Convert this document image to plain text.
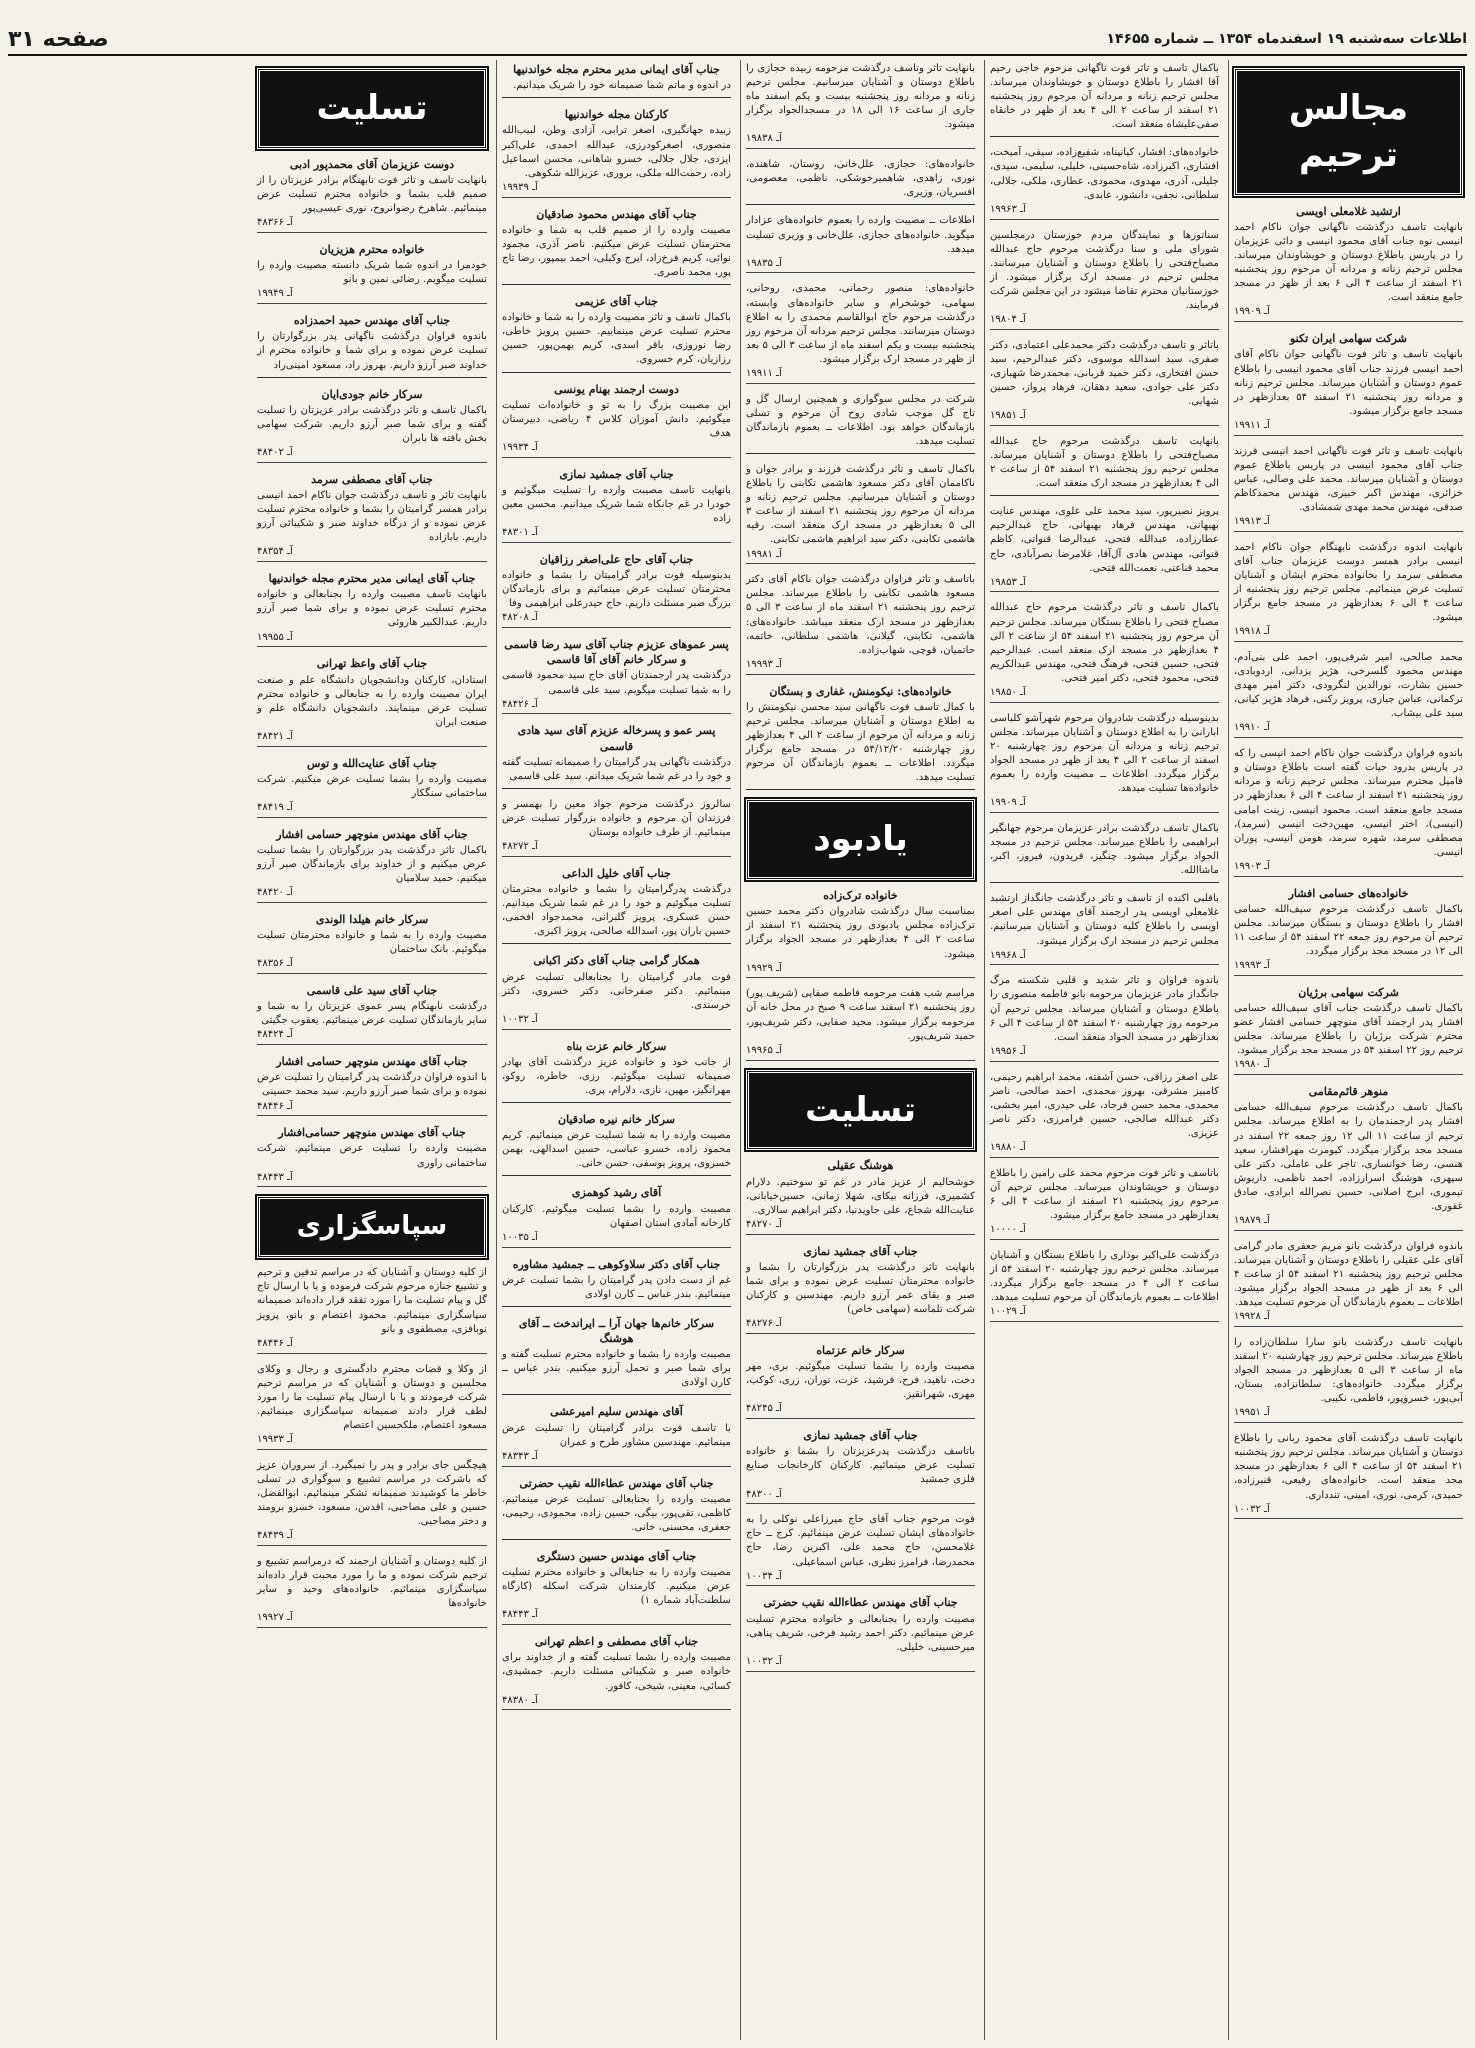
اطلاعات سه‌شنبه ۱۹ اسفندماه ۱۳۵۴ ــ شماره ۱۴۶۵۵
صفحه ۳۱
مجالس ترحیم
ارتشبد غلامعلی اویسی
بانهایت تاسف درگذشت ناگهانی جوان ناکام احمد انیسی نوه جناب آقای محمود انیسی و دائی عزیزمان را در پاریس باطلاع دوستان و خویشاوندان میرساند. مجلس ترحیم زنانه و مردانه آن مرحوم روز پنجشنبه ۲۱ اسفند از ساعت ۴ الی ۶ بعد از ظهر در مسجد جامع منعقد است.
آـ ۱۹۹۰۹
شرکت سهامی ایران تکنو
بانهایت تاسف و تاثر فوت ناگهانی جوان ناکام آقای احمد انیسی فرزند جناب آقای محمود انیسی را باطلاع عموم دوستان و آشنایان میرساند. مجلس ترحیم زنانه و مردانه روز پنجشنبه ۲۱ اسفند ۵۴ بعدازظهر در مسجد جامع برگزار میشود.
آـ ۱۹۹۱۱
بانهایت تاسف و تاثر فوت ناگهانی احمد انیسی فرزند جناب آقای محمود انیسی در پاریس باطلاع عموم دوستان و آشنایان میرساند. محمد علی وصالی، عباس خزائری، مهندس اکبر خبیری، مهندس محمدکاظم صدقی، مهندس محمد مهدی شمشادی.
آـ ۱۹۹۱۳
بانهایت اندوه درگذشت نابهنگام جوان ناکام احمد انیسی برادر همسر دوست عزیزمان جناب آقای مصطفی سرمد را بخانواده محترم ایشان و آشنایان تسلیت عرض مینمائیم. مجلس ترحیم روز پنجشنبه از ساعت ۴ الی ۶ بعدازظهر در مسجد جامع برگزار میشود.
آـ ۱۹۹۱۸
محمد صالحی، امیر شرفی‌پور، احمد علی بنی‌آدم، مهندس محمود گلسرخی، هژیر یزدانی، اردوبادی، حسین بشارت، نورالدین لنگرودی، دکتر امیر مهدی ترکمانی، عباس جباری، پرویز رکنی، فرهاد هژیر کیانی، سید علی بیشاب.
آـ ۱۹۹۱۰
باندوه فراوان درگذشت جوان ناکام احمد انیسی را که در پاریس بدرود حیات گفته است باطلاع دوستان و فامیل محترم میرساند. مجلس ترحیم زنانه و مردانه روز پنجشنبه ۲۱ اسفند از ساعت ۴ الی ۶ بعدازظهر در مسجد جامع منعقد است. محمود انیسی، زینت امامی (انیسی)، اختر انیسی، مهین‌دخت انیسی (سرمد)، مصطفی سرمد، شهره سرمد، هومن انیسی، پوران انیسی.
آـ ۱۹۹۰۳
خانواده‌های حسامی افشار
باکمال تاسف درگذشت مرحوم سیف‌الله حسامی افشار را باطلاع دوستان و بستگان میرساند. مجلس ترحیم آن مرحوم روز جمعه ۲۲ اسفند ۵۴ از ساعت ۱۱ الی ۱۲ در مسجد مجد برگزار میگردد.
آـ ۱۹۹۹۳
شرکت سهامی برژیان
باکمال تاسف درگذشت جناب آقای سیف‌الله حسامی افشار پدر ارجمند آقای منوچهر حسامی افشار عضو محترم شرکت برژیان را باطلاع میرساند. مجلس ترحیم روز ۲۲ اسفند ۵۴ در مسجد مجد برگزار میشود.
آـ ۱۹۹۸۰
منوهر قائم‌مقامی
باکمال تاسف درگذشت مرحوم سیف‌الله حسامی افشار پدر ارجمندمان را به اطلاع میرساند. مجلس ترحیم از ساعت ۱۱ الی ۱۲ روز جمعه ۲۲ اسفند در مسجد مجد برگزار میگردد. کیومرث مهرافشار، سعید هنسی، رضا خوانساری، تاجر علی عاملی، دکتر علی سپهری، هوشنگ اسرارزاده، احمد ناظمی، داریوش تیموری، ابرج اصلانی، حسین نصرالله ابرادی، صادق غفوری.
آـ ۱۹۸۷۹
باندوه فراوان درگذشت بانو مریم جعفری مادر گرامی آقای علی عقیلی را باطلاع دوستان و آشنایان میرساند. مجلس ترحیم روز پنجشنبه ۲۱ اسفند ۵۴ از ساعت ۴ الی ۶ بعد از ظهر در مسجد الجواد برگزار میشود. اطلاعات ــ بعموم بازماندگان آن مرحوم تسلیت میدهد.
آـ ۱۹۹۲۸
بانهایت تاسف درگذشت بانو سارا سلطان‌زاده را باطلاع میرساند. مجلس ترحیم روز چهارشنبه ۲۰ اسفند ماه از ساعت ۳ الی ۵ بعدازظهر در مسجد الجواد برگزار میگردد. خانواده‌های: سلطانزاده، بستان، آبی‌پور، خسروپور، فاطمی، نکیبی.
آـ ۱۹۹۵۱
بانهایت تاسف درگذشت آقای محمود ربانی را باطلاع دوستان و آشنایان میرساند. مجلس ترحیم روز پنجشنبه ۲۱ اسفند ۵۴ از ساعت ۴ الی ۶ بعدازظهر در مسجد مجد منعقد است. خانواده‌های رفیعی، قنبرزاده، حمیدی، کرمی، نوری، امینی، تندداری.
آـ ۱۰۰۳۲
باکمال تاسف و تاثر فوت ناگهانی مرحوم حاجی رحیم آقا افشار را باطلاع دوستان و خویشاوندان میرساند. مجلس ترحیم زنانه و مردانه آن مرحوم روز پنجشنبه ۲۱ اسفند از ساعت ۲ الی ۴ بعد از ظهر در خانقاه صفی‌علیشاه منعقد است.
خانواده‌های: افشار، کیانپناه، شفیع‌زاده، سیفی، آمیخت، افشاری، اکبرزاده، شاه‌حسینی، خلیلی، سلیمی، سیدی، جلیلی، آذری، مهدوی، محمودی، عطاری، ملکی، جلالی، سلطانی، نجفی، دانشور، عابدی.
آـ ۱۹۹۶۳
سناتورها و نمایندگان مردم خوزستان درمجلسین شورای ملی و سنا درگذشت مرحوم حاج عبدالله مصباح‌فتحی را باطلاع دوستان و آشنایان میرسانند. مجلس ترحیم در مسجد ارک برگزار میشود. از خوزستانیان محترم تقاضا میشود در این مجلس شرکت فرمایند.
آـ ۱۹۸۰۴
باتاثر و تاسف درگذشت دکتر محمدعلی اعتمادی، دکتر صفری، سید اسدالله موسوی، دکتر عبدالرحیم، سید حسن افتخاری، دکتر حمید قربانی، محمدرضا شهبازی، دکتر علی جوادی، سعید دهقان، فرهاد پرواز، حسین شهابی.
آـ ۱۹۸۵۱
بانهایت تاسف درگذشت مرحوم حاج عبدالله مصباح‌فتحی را باطلاع دوستان و آشنایان میرساند. مجلس ترحیم روز پنجشنبه ۲۱ اسفند ۵۴ از ساعت ۲ الی ۴ بعدازظهر در مسجد ارک منعقد است.
پرویز نصیرپور، سید محمد علی علوی، مهندس عنایت بهبهانی، مهندس فرهاد بهبهانی، حاج عبدالرحیم عطارزاده، عبدالله فتحی، عبدالرضا قنواتی، کاظم قنواتی، مهندس هادی آل‌آقا، غلامرضا نصرآبادی، حاج محمد قناعتی، نعمت‌الله فتحی.
آـ ۱۹۸۵۳
باکمال تاسف و تاثر درگذشت مرحوم حاج عبدالله مصباح فتحی را باطلاع بستگان میرساند. مجلس ترحیم آن مرحوم روز پنجشنبه ۲۱ اسفند ۵۴ از ساعت ۲ الی ۴ بعدازظهر در مسجد ارک منعقد است. عبدالرحیم فتحی، حسین فتحی، فرهنگ فتحی، مهندس عبدالکریم فتحی، محمود فتحی، دکتر امیر فتحی.
آـ ۱۹۸۵۰
بدینوسیله درگذشت شادروان مرحوم شهرآشو کلباسی ابارانی را به اطلاع دوستان و آشنایان میرساند. مجلس ترحیم زنانه و مردانه آن مرحوم روز چهارشنبه ۲۰ اسفند از ساعت ۲ الی ۴ بعد از ظهر در مسجد الجواد برگزار میگردد. اطلاعات ــ مصیبت وارده را بعموم خانواده‌ها تسلیت میدهد.
آـ ۱۹۹۰۹
باکمال تاسف درگذشت برادر عزیزمان مرحوم جهانگیر ابراهیمی را باطلاع میرساند. مجلس ترحیم در مسجد الجواد برگزار میشود. چنگیز، فریدون، فیروز، اکبر، ماشاالله.
باقلبی اکنده از تاسف و تاثر درگذشت جانگداز ارتشبد غلامعلی اویسی پدر ارجمند آقای مهندس علی اصغر اویسی را باطلاع کلیه دوستان و آشنایان میرسانیم. مجلس ترحیم در مسجد ارک برگزار میشود.
آـ ۱۹۹۶۸
باندوه فراوان و تاثر شدید و قلبی شکسته مرگ جانگداز مادر عزیزمان مرحومه بانو فاطمه منصوری را باطلاع دوستان و آشنایان میرساند. مجلس ترحیم آن مرحومه روز چهارشنبه ۲۰ اسفند ۵۴ از ساعت ۴ الی ۶ بعدازظهر در مسجد الجواد منعقد است.
آـ ۱۹۹۵۶
علی اصغر رزاقی، حسن آشفته، محمد ابراهیم رحیمی، کامبیز مشرقی، بهروز محمدی، احمد صالحی، ناصر محمدی، محمد حسن فرجاد، علی حیدری، امیر بخشی، دکتر عبدالله صالحی، حسین فرامرزی، دکتر ناصر عزیزی.
آـ ۱۹۸۸۰
باتاسف و تاثر فوت مرحوم محمد علی رامین را باطلاع دوستان و خویشاوندان میرساند. مجلس ترحیم آن مرحوم روز پنجشنبه ۲۱ اسفند از ساعت ۴ الی ۶ بعدازظهر در مسجد جامع برگزار میشود.
آـ ۱۰۰۰۰
درگذشت علی‌اکبر بوذاری را باطلاع بستگان و آشنایان میرساند. مجلس ترحیم روز چهارشنبه ۲۰ اسفند ۵۴ از ساعت ۲ الی ۴ در مسجد جامع برگزار میگردد. اطلاعات ــ بعموم بازماندگان آن مرحوم تسلیت میدهد.
آـ ۱۰۰۲۹
بانهایت تاثر وتاسف درگذشت مرحومه زبیده حجازی را باطلاع دوستان و آشنایان میرسانیم. مجلس ترحیم زنانه و مردانه روز پنجشنبه بیست و یکم اسفند ماه جاری از ساعت ۱۶ الی ۱۸ در مسجدالجواد برگزار میشود.
آـ ۱۹۸۳۸
خانواده‌های: حجازی، علل‌خانی، روستان، شاهنده، نوری، زاهدی، شاهمیرخوشکی، ناظمی، معصومی، افسریان، وزیری.
اطلاعات ــ مصیبت وارده را بعموم خانواده‌های عزادار میگوید. خانواده‌های حجازی، علل‌خانی و وزیری تسلیت میدهد.
آـ ۱۹۸۳۵
خانواده‌های: منصور رحمانی، محمدی، روحانی، سهامی، خوشخرام و سایر خانواده‌های وابسته، درگذشت مرحوم حاج ابوالقاسم محمدی را به اطلاع دوستان میرسانند. مجلس ترحیم مردانه آن مرحوم روز پنجشنبه بیست و یکم اسفند ماه از ساعت ۳ الی ۵ بعد از ظهر در مسجد ارک برگزار میشود.
آـ ۱۹۹۱۱
شرکت در مجلس سوگواری و همچنین ارسال گل و تاج گل موجب شادی روح آن مرحوم و تسلی بازماندگان خواهد بود. اطلاعات ــ بعموم بازماندگان تسلیت میدهد.
باکمال تاسف و تاثر درگذشت فرزند و برادر جوان و ناکاممان آقای دکتر مسعود هاشمی تکابنی را باطلاع دوستان و آشنایان میرسانیم. مجلس ترحیم زنانه و مردانه آن مرحوم روز پنجشنبه ۲۱ اسفند از ساعت ۳ الی ۵ بعدازظهر در مسجد ارک منعقد است. رقیه هاشمی تکابنی، دکتر سید ابراهیم هاشمی تکابنی.
آـ ۱۹۹۸۱
باتاسف و تاثر فراوان درگذشت جوان ناکام آقای دکتر مسعود هاشمی تکابنی را باطلاع میرساند. مجلس ترحیم روز پنجشنبه ۲۱ اسفند ماه از ساعت ۳ الی ۵ بعدازظهر در مسجد ارک منعقد میباشد. خانواده‌های: هاشمی، تکابنی، گیلانی، هاشمی سلطانی، خاتمه، حاتمیان، قوچی، شهاب‌زاده.
آـ ۱۹۹۹۳
خانواده‌های: نیکومنش، غفاری و بستگان
با کمال تاسف فوت ناگهانی سید محسن نیکومنش را به اطلاع دوستان و آشنایان میرساند. مجلس ترحیم زنانه و مردانه آن مرحوم از ساعت ۲ الی ۴ بعدازظهر روز چهارشنبه ۵۴/۱۲/۲۰ در مسجد جامع برگزار میگردد. اطلاعات ــ بعموم بازماندگان آن مرحوم تسلیت میدهد.
یادبود
خانواده ترک‌زاده
بمناسبت سال درگذشت شادروان دکتر محمد حسین ترک‌زاده مجلس یادبودی روز پنجشنبه ۲۱ اسفند از ساعت ۲ الی ۴ بعدازظهر در مسجد الجواد برگزار میشود.
آـ ۱۹۹۲۹
مراسم شب هفت مرحومه فاطمه صفایی (شریف پور) روز پنجشنبه ۲۱ اسفند ساعت ۹ صبح در محل خانه آن مرحومه برگزار میشود. مجید صفایی، دکتر شریف‌پور، حمید شریف‌پور.
آـ ۱۹۹۶۵
تسلیت
هوشنگ عقیلی
خوشحالیم از عزیز مادر در غم تو سوختیم. دلارام کشمیری، فرزانه بیکای، شهلا زمانی، حسین‌خیابانی، عنایت‌الله شجاع، علی جاویدنیا، دکتر ابراهیم سالاری.
آـ ۴۸۲۷۰
جناب آقای جمشید نمازی
بانهایت تاثر درگذشت پدر بزرگوارتان را بشما و خانواده محترمتان تسلیت عرض نموده و برای شما صبر و بقای عمر آرزو داریم. مهندسین و کارکنان شرکت تلماسه (سهامی خاص)
آـ ۴۸۲۷۶
سرکار خانم عزتماه
مصیبت وارده را بشما تسلیت میگوئیم. بری، مهر دخت، ناهید، فرح، فرشید، عزت، توران، زری، کوکب، مهری، شهرانقیز.
آـ ۴۸۲۴۵
جناب آقای جمشید نمازی
باتاسف درگذشت پدرعزیزتان را بشما و خانواده تسلیت عرض مینمائیم. کارکنان کارخانجات صنایع فلزی جمشید
آـ ۴۸۳۰۰
فوت مرحوم جناب آقای حاج میرزاعلی نوکلی را به خانواده‌های ایشان تسلیت عرض مینمائیم. کرج ــ حاج غلامحسن، حاج محمد علی، اکبرین رضا، حاج محمدرضا، فرامرز نظری، عباس اسماعیلی.
آـ ۱۰۰۳۴
جناب آقای مهندس عطاءالله نقیب حضرتی
مصیبت وارده را بجنابعالی و خانواده محترم تسلیت عرض مینمائیم. دکتر احمد رشید فرخی، شریف پناهی، میرحسینی، خلیلی.
آـ ۱۰۰۳۲
جناب آقای ایمانی مدیر محترم مجله خواندنیها
در اندوه و ماتم شما صمیمانه خود را شریک میدانیم.
کارکنان مجله خواندنیها
زبیده جهانگیری، اصغر ترابی، آزادی وطن، لبیب‌الله منصوری، اصغرکودرزی، عبدالله احمدی، علی‌اکبر ایزدی، جلال جلالی، خسرو شاهانی، محسن اسماعیل زاده، رحمت‌الله ملکی، بروری، عزیزالله شکوهی.
آـ ۱۹۹۳۹
جناب آقای مهندس محمود صادقیان
مصیبت وارده را از صمیم قلب به شما و خانواده محترمتان تسلیت عرض میکنیم. ناصر آذری، مجمود نوائی، کریم فرخ‌زاد، ایرج وکیلی، احمد بیمپور، رضا تاج پور، محمد ناصری.
جناب آقای عزیمی
باکمال تاسف و تاثر مصیبت وارده را به شما و خانواده محترم تسلیت عرض مینماییم. حسین پرویز خاطی، رضا نوروزی، باقر اسدی، کریم بهمن‌پور، حسین رزازیان، کرم خسروی.
دوست ارجمند بهنام یونسی
این مصیبت بزرگ را به تو و خانواده‌ات تسلیت میگوئیم. دانش آموزان کلاس ۴ ریاضی، دبیرستان هدف
آـ ۱۹۹۳۴
جناب آقای جمشید نمازی
بانهایت تاسف مصیبت وارده را تسلیت میگوئیم و خودرا در غم جانکاه شما شریک میدانیم. محسن معین زاده
آـ ۴۸۳۰۱
جناب آقای حاج علی‌اصغر رزاقیان
بدینوسیله فوت برادر گرامیتان را بشما و خانواده محترمتان تسلیت عرض مینمائیم و برای بازماندگان بزرگ صبر مسئلت داریم. حاج حیدرعلی ابراهیمی وفا
آـ ۴۸۲۰۸
پسر عموهای عزیزم جناب آقای سید رضا قاسمی و سرکار خانم آقای آقا قاسمی
درگذشت پدر ارجمندتان آقای حاج سید محمود قاسمی را به شما تسلیت میگویم. سید علی قاسمی
آـ ۴۸۴۲۶
پسر عمو و پسرخاله عزیزم آقای سید هادی قاسمی
درگذشت ناگهانی پدر گرامیتان را صمیمانه تسلیت گفته و خود را در غم شما شریک میدانم. سید علی قاسمی
سالروز درگذشت مرحوم جواد معین را بهمسر و فرزندان آن مرحوم و خانواده بزرگوار تسلیت عرض مینمائیم. از طرف خانواده بوستان
آـ ۴۸۲۷۲
جناب آقای خلیل الداعی
درگذشت پدرگرامیتان را بشما و خانواده محترمتان تسلیت میگوئیم و خود را در غم شما شریک میدانیم. حسن عسکری، پرویز گلبرانی، محمدجواد افخمی، حسین باران پور، اسدالله صالحی، پرویز اکبری.
همکار گرامی جناب آقای دکتر اکبانی
فوت مادر گرامیتان را بجنابعالی تسلیت عرض مینمائیم. دکتر صفرخانی، دکتر خسروی، دکتر خرسندی.
آـ ۱۰۰۳۲
سرکار خانم عزت بناه
از جانب خود و خانواده عزیز درگذشت آقای بهادر صمیمانه تسلیت میگوئیم. رزی، خاطره، روکو، مهرانگیز، مهین، نازی، دلارام، پری.
سرکار خانم نیره صادقیان
مصیبت وارده را به شما تسلیت عرض مینمائیم. کریم محمود زاده، خسرو عباسی، حسین اسدالهی، بهمن خسروی، پرویز یوسفی، حسن خانی.
آقای رشید کوهمزی
مصیبت وارده را بشما تسلیت میگوئیم. کارکنان کارخانه آمادی استان اصفهان
آـ ۱۰۰۳۵
جناب آقای دکتر سلاوکوهی ــ جمشید مشاوره
غم از دست دادن پدر گرامیتان را بشما تسلیت عرض مینمائیم. بندر عباس ــ کارن اولادی
سرکار خانم‌ها جهان آرا ــ ایراندخت ــ آقای هوشنگ
مصیبت وارده را بشما و خانواده محترم تسلیت گفته و برای شما صبر و تحمل آرزو میکنیم. بندر عباس ــ کارن اولادی
آقای مهندس سلیم امیرعشی
با تاسف فوت برادر گرامیتان را تسلیت عرض مینمائیم. مهندسین مشاور طرح و عمران
آـ ۴۸۳۴۳
جناب آقای مهندس عطاءالله نقیب حضرتی
مصیبت وارده را بجنابعالی تسلیت عرض مینمائیم. کاظمی، تقی‌پور، بیگی، حسین زاده، محمودی، رحیمی، جعفری، محسنی، خانی.
جناب آقای مهندس حسین دستگری
مصیبت وارده را به جنابعالی و خانواده محترم تسلیت عرض میکنیم. کارمندان شرکت اسکله (کارگاه سلطنت‌آباد شماره ۱)
آـ ۴۸۴۴۳
جناب آقای مصطفی و اعظم تهرانی
مصیبت وارده را بشما تسلیت گفته و از خداوند برای خانواده صبر و شکیبائی مسئلت داریم. جمشیدی، کسائی، معینی، شیخی، کافور.
آـ ۴۸۳۸۰
تسلیت
دوست عزیزمان آقای محمدپور ادبی
بانهایت تاسف و تاثر فوت نابهنگام برادر عزیزتان را از صمیم قلب بشما و خانواده محترم تسلیت عرض مینمائیم. شاهرخ رضوانروح، نوری عیسی‌پور
آـ ۴۸۳۶۶
خانواده محترم هزیزیان
خودمرا در اندوه شما شریک دانسته مصیبت وارده را تسلیت میگویم. رضائی نمین و بانو
آـ ۱۹۹۴۹
جناب آقای مهندس حمید احمدزاده
باندوه فراوان درگذشت ناگهانی پدر بزرگوارتان را تسلیت عرض نموده و برای شما و خانواده محترم از خداوند صبر آرزو داریم. بهروز راد، مسعود امینی‌راد
سرکار خانم جودی‌ایان
باکمال تاسف و تاثر درگذشت برادر عزیزتان را تسلیت گفته و برای شما صبر آرزو داریم. شرکت سهامی بخش بافته ها بابران
آـ ۴۸۴۰۲
جناب آقای مصطفی سرمد
بانهایت تاثر و تاسف درگذشت جوان ناکام احمد انیسی برادر همسر گرامیتان را بشما و خانواده محترم تسلیت عرض نموده و از درگاه خداوند صبر و شکیبائی آرزو داریم. بابازاده
آـ ۴۸۳۵۴
جناب آقای ایمانی مدیر محترم مجله خواندنیها
بانهایت تاسف مصیبت وارده را بجنابعالی و خانواده محترم تسلیت عرض نموده و برای شما صبر آرزو داریم. عبدالکبیر هاروئی
آـ ۱۹۹۵۵
جناب آقای واعظ تهرانی
استادان، کارکنان ودانشجویان دانشگاه علم و صنعت ایران مصیبت وارده را به جنابعالی و خانواده محترم تسلیت عرض مینمایند. دانشجویان دانشگاه علم و صنعت ایران
آـ ۴۸۴۲۱
جناب آقای عنایت‌الله و توس
مصیبت وارده را بشما تسلیت عرض میکنیم. شرکت ساختمانی سنگکار
آـ ۴۸۴۱۹
جناب آقای مهندس منوچهر حسامی افشار
باکمال تاثر درگذشت پدر بزرگوارتان را بشما تسلیت عرض میکنیم و از خداوند برای بازماندگان صبر آرزو میکنیم. حمید سلامیان
آـ ۴۸۴۲۰
سرکار خانم هیلدا الوندی
مصیبت وارده را به شما و خانواده محترمتان تسلیت میگوئیم. بانک ساختمان
آـ ۴۸۳۵۶
جناب آقای سید علی قاسمی
درگذشت نابهنگام پسر عموی عزیزتان را به شما و سایر بازماندگان تسلیت عرض مینمائیم. یعقوب جگیتی
آـ ۴۸۴۲۴
جناب آقای مهندس منوچهر حسامی افشار
با اندوه فراوان درگذشت پدر گرامیتان را تسلیت عرض نموده و برای شما صبر آرزو داریم. سید محمد حسینی
آـ ۴۸۴۴۶
جناب آقای مهندس منوچهر حسامی‌افشار
مصیبت وارده را تسلیت عرض مینمائیم. شرکت ساختمانی راوری
آـ ۴۸۴۴۳
سپاسگزاری
از کلیه دوستان و آشنایان که در مراسم تدفین و ترحیم و تشییع جنازه مرحوم شرکت فرموده و یا با ارسال تاج گل و پیام تسلیت ما را مورد تفقد قرار داده‌اند صمیمانه سپاسگزاری مینمائیم. محمود اعتصام و بانو، پرویز نوبافزی، مصطفوی و بانو
آـ ۴۸۴۴۶
از وکلا و قضات محترم دادگستری و رجال و وکلای مجلسین و دوستان و آشنایان که در مراسم ترحیم شرکت فرمودند و یا با ارسال پیام تسلیت ما را مورد لطف قرار دادند صمیمانه سپاسگزاری مینمائیم. مسعود اعتصام، ملکحسین اعتصام
آـ ۱۹۹۳۳
هیچگس جای برادر و پدر را نمیگیرد. از سروران عزیز که باشرکت در مراسم تشییع و سوگواری در تسلی خاطر ما کوشیدند صمیمانه تشکر مینمائیم. ابوالفضل، حسین و علی مصاحبی، اقدس، مسعود، خسرو برومند و دختر مصاحبی.
آـ ۴۸۴۳۹
از کلیه دوستان و آشنایان ارجمند که درمراسم تشییع و ترحیم شرکت نموده و ما را مورد محبت قرار داده‌اند سپاسگزاری مینمائیم. خانواده‌های وحید و سایر خانواده‌ها
آـ ۱۹۹۲۷
